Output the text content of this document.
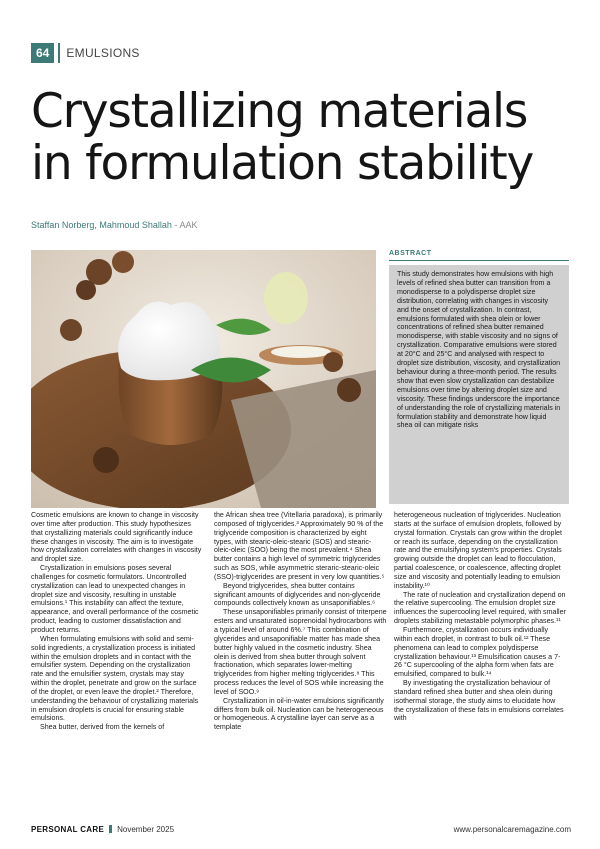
64	EMULSIONS
Crystallizing materials in formulation stability
Staffan Norberg, Mahmoud Shallah - AAK
ABSTRACT
This study demonstrates how emulsions with high levels of refined shea butter can transition from a monodisperse to a polydisperse droplet size distribution, correlating with changes in viscosity and the onset of crystallization. In contrast, emulsions formulated with shea olein or lower concentrations of refined shea butter remained monodisperse, with stable viscosity and no signs of crystallization. Comparative emulsions were stored at 20°C and 25°C and analysed with respect to droplet size distribution, viscosity, and crystallization behaviour during a three-month period. The results show that even slow crystallization can destabilize emulsions over time by altering droplet size and viscosity. These findings underscore the importance of understanding the role of crystallizing materials in formulation stability and demonstrate how liquid shea oil can mitigate risks

Cosmetic emulsions are known to change in viscosity over time after production. This study hypothesizes that crystallizing materials could significantly induce these changes in viscosity. The aim is to investigate how crystallization correlates with changes in viscosity and droplet size.

Crystallization in emulsions poses several challenges for cosmetic formulators. Uncontrolled crystallization can lead to unexpected changes in droplet size and viscosity, resulting in unstable emulsions.¹ This instability can affect the texture, appearance, and overall performance of the cosmetic product, leading to customer dissatisfaction and product returns.

When formulating emulsions with solid and semi-solid ingredients, a crystallization process is initiated within the emulsion droplets and in contact with the emulsifier system. Depending on the crystallization rate and the emulsifier system, crystals may stay within the droplet, penetrate and grow on the surface of the droplet, or even leave the droplet.² Therefore, understanding the behaviour of crystallizing materials in emulsion droplets is crucial for ensuring stable emulsions.

Shea butter, derived from the kernels of

the African shea tree (Vitellaria paradoxa), is primarily composed of triglycerides.³ Approximately 90 % of the triglyceride composition is characterized by eight types, with stearic-oleic-stearic (SOS) and stearic-oleic-oleic (SOO) being the most prevalent.⁴ Shea butter contains a high level of symmetric triglycerides such as SOS, while asymmetric steraric-stearic-oleic (SSO)-triglycerides are present in very low quantities.⁵

Beyond triglycerides, shea butter contains significant amounts of diglycerides and non-glyceride compounds collectively known as unsaponifiables.⁶

These unsaponifiables primarily consist of triterpene esters and unsaturated isoprenoidal hydrocarbons with a typical level of around 6%.⁷ This combination of glycerides and unsaponifiable matter has made shea butter highly valued in the cosmetic industry. Shea olein is derived from shea butter through solvent fractionation, which separates lower-melting triglycerides from higher melting triglycerides.⁸ This process reduces the level of SOS while increasing the level of SOO.⁹

Crystallization in oil-in-water emulsions significantly differs from bulk oil. Nucleation can be heterogeneous or homogeneous. A crystalline layer can serve as a template

heterogeneous nucleation of triglycerides. Nucleation starts at the surface of emulsion droplets, followed by crystal formation. Crystals can grow within the droplet or reach its surface, depending on the crystallization rate and the emulsifying system's properties. Crystals growing outside the droplet can lead to flocculation, partial coalescence, or coalescence, affecting droplet size and viscosity and potentially leading to emulsion instability.¹⁰

The rate of nucleation and crystallization depend on the relative supercooling. The emulsion droplet size influences the supercooling level required, with smaller droplets stabilizing metastable polymorphic phases.¹¹

Furthermore, crystallization occurs individually within each droplet, in contrast to bulk oil.¹² These phenomena can lead to complex polydisperse crystallization behaviour.¹³ Emulsification causes a 7-26 °C supercooling of the alpha form when fats are emulsified, compared to bulk.¹⁴

By investigating the crystallization behaviour of standard refined shea butter and shea olein during isothermal storage, the study aims to elucidate how the crystallization of these fats in emulsions correlates with

PERSONAL CARE November 2025	www.personalcaremagazine.com
